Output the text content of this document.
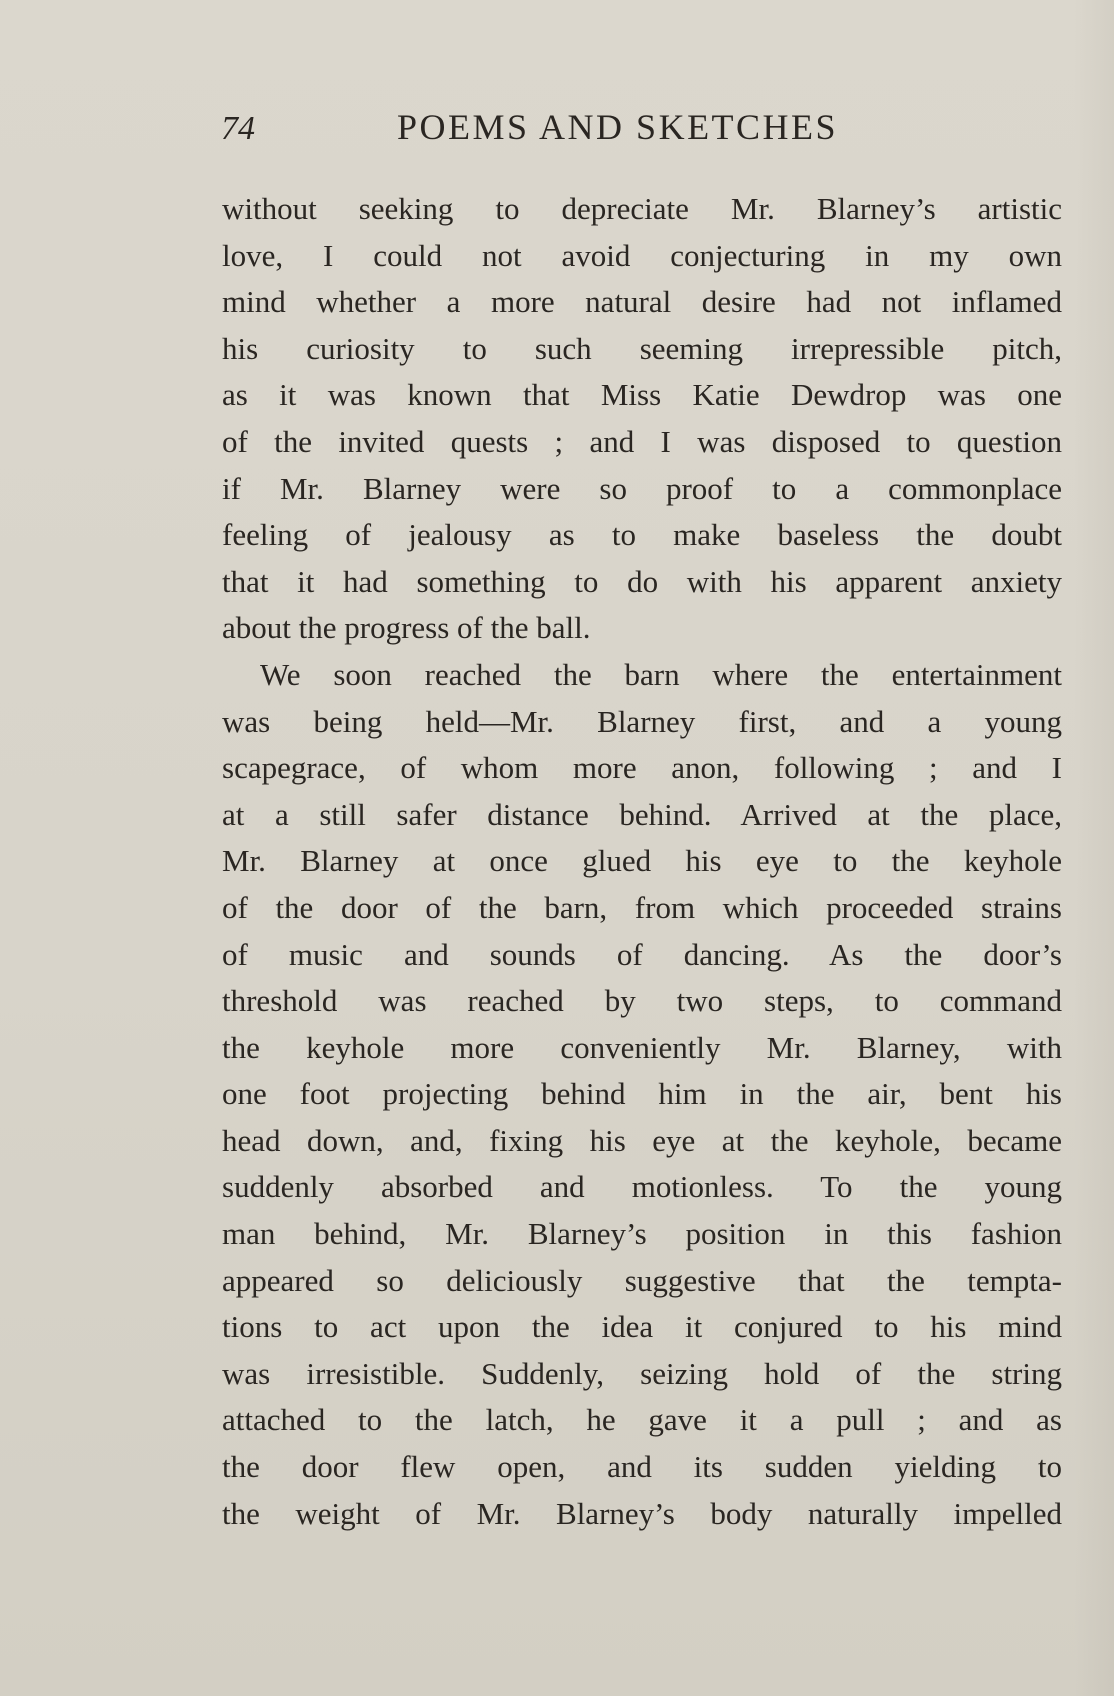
74	POEMS AND SKETCHES
without seeking to depreciate Mr. Blarney’s artistic
love, I could not avoid conjecturing in my own
mind whether a more natural desire had not inflamed
his curiosity to such seeming irrepressible pitch,
as it was known that Miss Katie Dewdrop was one
of the invited quests ; and I was disposed to question
if Mr. Blarney were so proof to a commonplace
feeling of jealousy as to make baseless the doubt
that it had something to do with his apparent anxiety
about the progress of the ball.
We soon reached the barn where the entertainment
was being held—Mr. Blarney first, and a young
scapegrace, of whom more anon, following ; and I
at a still safer distance behind. Arrived at the place,
Mr. Blarney at once glued his eye to the keyhole
of the door of the barn, from which proceeded strains
of music and sounds of dancing. As the door’s
threshold was reached by two steps, to command
the keyhole more conveniently Mr. Blarney, with
one foot projecting behind him in the air, bent his
head down, and, fixing his eye at the keyhole, became
suddenly absorbed and motionless. To the young
man behind, Mr. Blarney’s position in this fashion
appeared so deliciously suggestive that the tempta-
tions to act upon the idea it conjured to his mind
was irresistible. Suddenly, seizing hold of the string
attached to the latch, he gave it a pull ; and as
the door flew open, and its sudden yielding to
the weight of Mr. Blarney’s body naturally impelled
